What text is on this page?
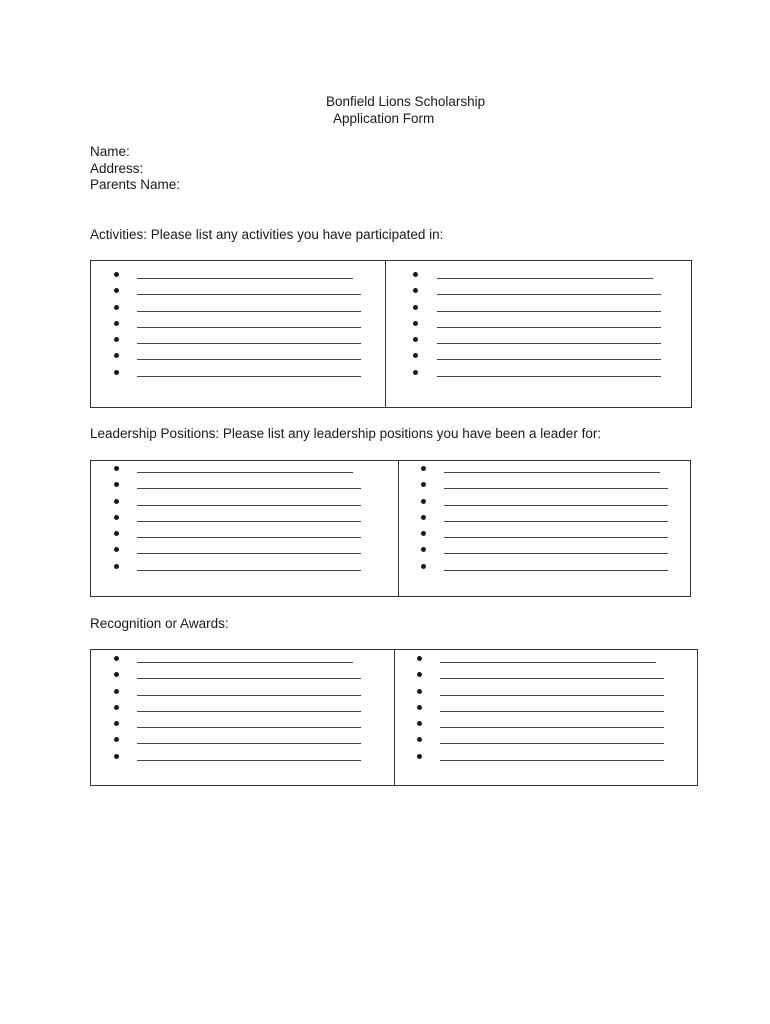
Bonfield Lions Scholarship
Application Form
Name:
Address:
Parents Name:
Activities: Please list any activities you have participated in:
Leadership Positions: Please list any leadership positions you have been a leader for:
Recognition or Awards:
